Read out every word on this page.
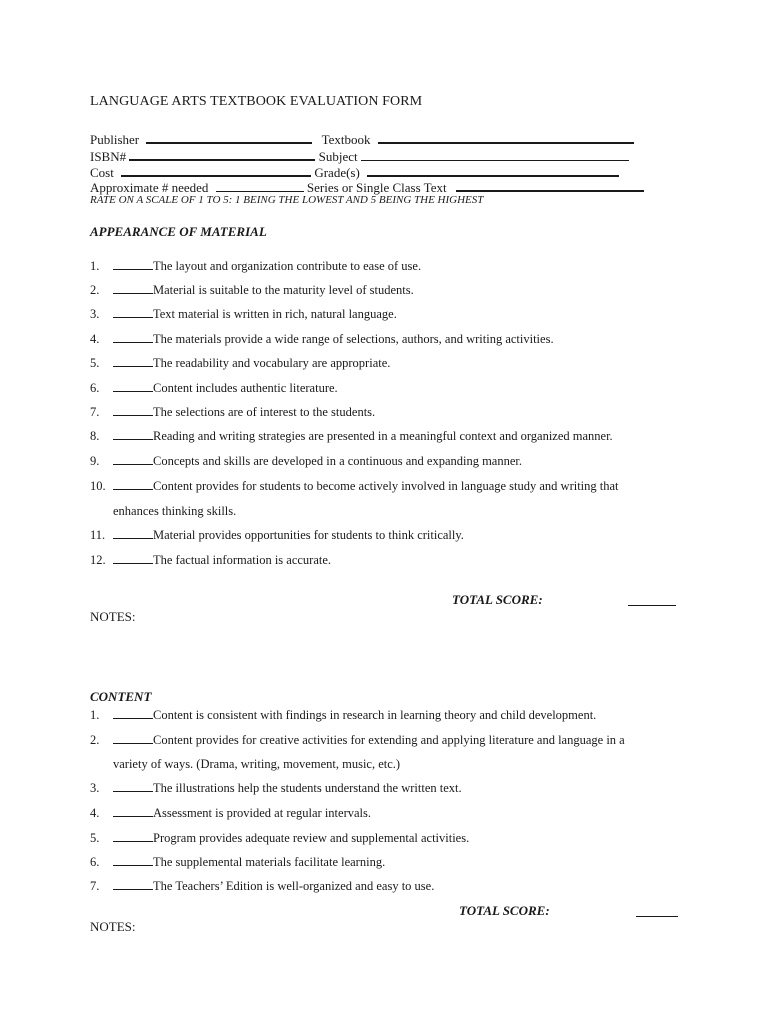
LANGUAGE ARTS TEXTBOOK EVALUATION FORM
Publisher	Textbook
ISBN#	Subject
Cost	Grade(s)
Approximate # needed	Series or Single Class Text
RATE ON A SCALE OF 1 TO 5: 1 BEING THE LOWEST AND 5 BEING THE HIGHEST
APPEARANCE OF MATERIAL
1.	The layout and organization contribute to ease of use.
2.	Material is suitable to the maturity level of students.
3.	Text material is written in rich, natural language.
4.	The materials provide a wide range of selections, authors, and writing activities.
5.	The readability and vocabulary are appropriate.
6.	Content includes authentic literature.
7.	The selections are of interest to the students.
8.	Reading and writing strategies are presented in a meaningful context and organized manner.
9.	Concepts and skills are developed in a continuous and expanding manner.
10.	Content provides for students to become actively involved in language study and writing that
enhances thinking skills.
11.	Material provides opportunities for students to think critically.
12.	The factual information is accurate.
TOTAL SCORE:
NOTES:
CONTENT
1.	Content is consistent with findings in research in learning theory and child development.
2.	Content provides for creative activities for extending and applying literature and language in a
variety of ways. (Drama, writing, movement, music, etc.)
3.	The illustrations help the students understand the written text.
4.	Assessment is provided at regular intervals.
5.	Program provides adequate review and supplemental activities.
6.	The supplemental materials facilitate learning.
7.	The Teachers’ Edition is well-organized and easy to use.
TOTAL SCORE:
NOTES:
